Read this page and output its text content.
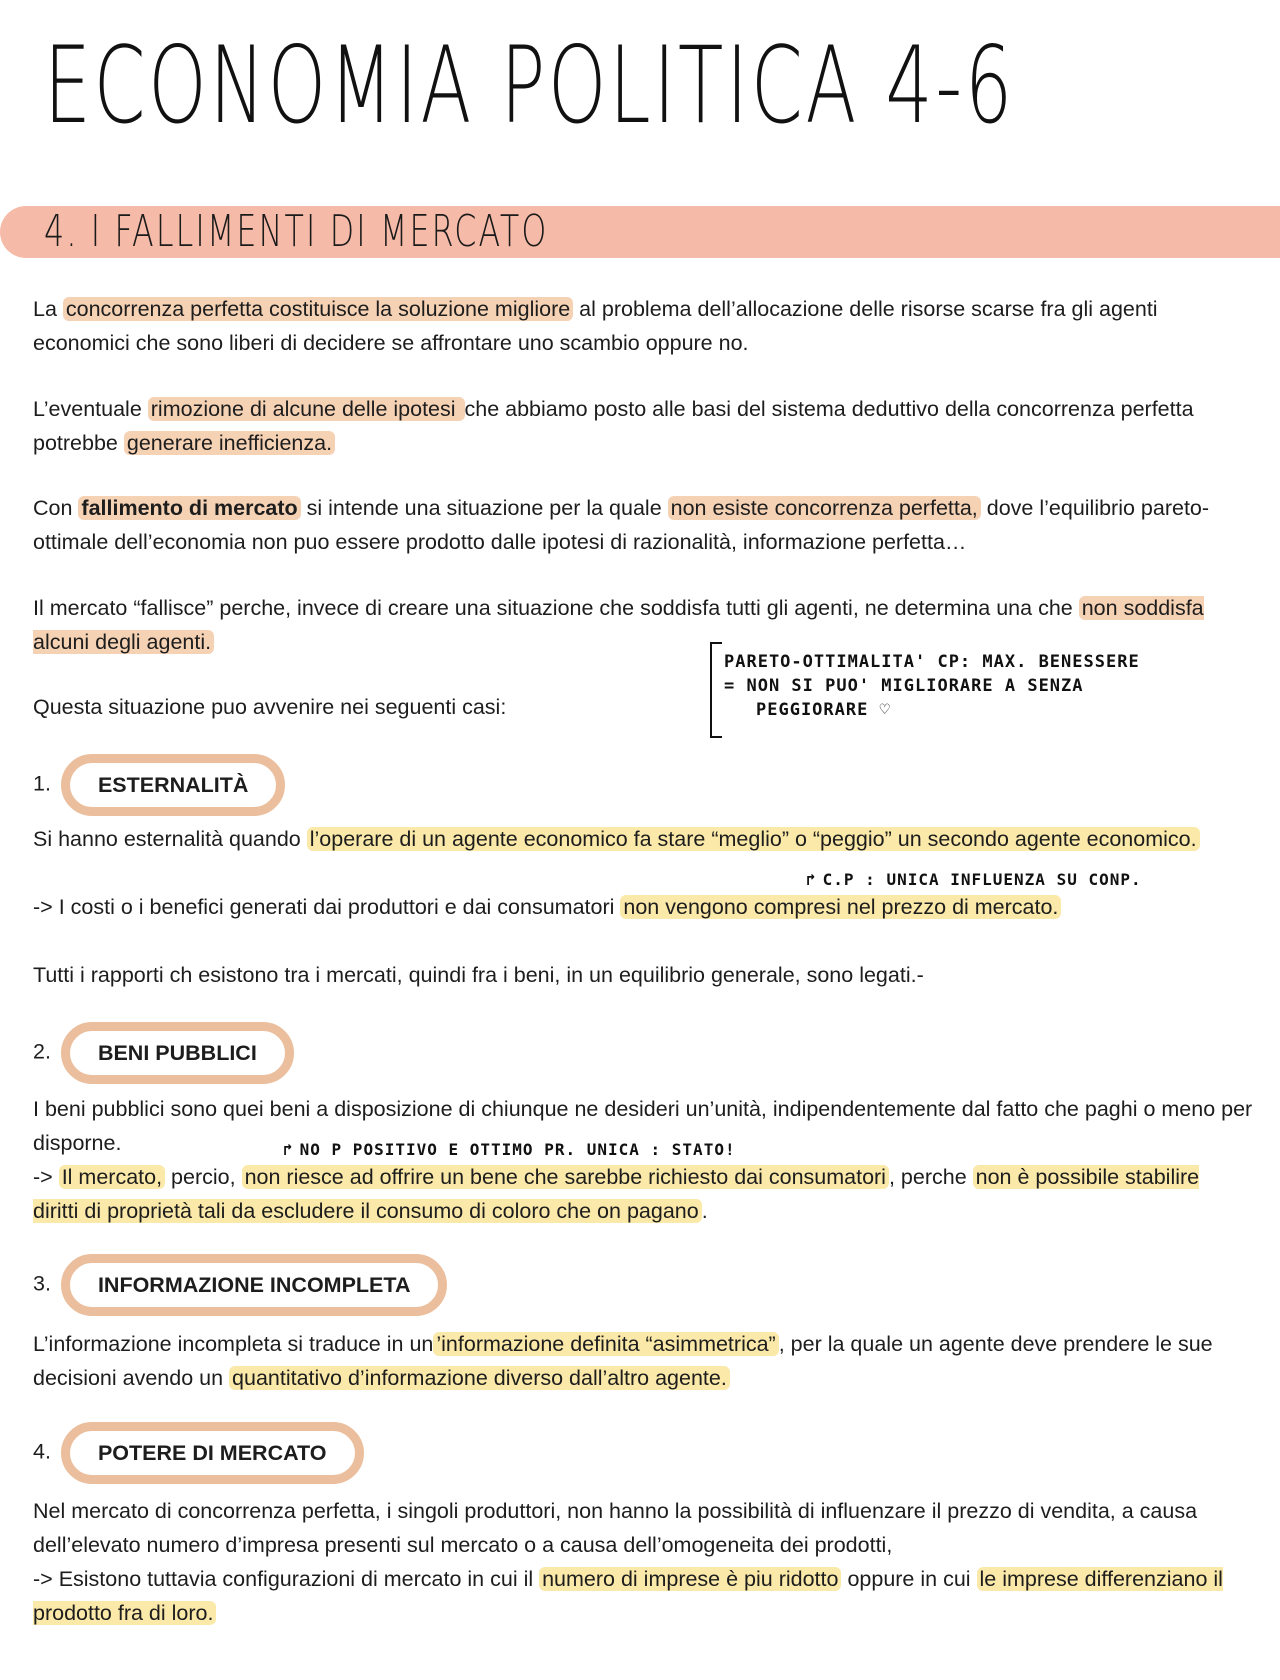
ECONOMIA POLITICA 4-6
4. I FALLIMENTI DI MERCATO

La concorrenza perfetta costituisce la soluzione migliore al problema dell’allocazione delle risorse scarse fra gli agenti economici che sono liberi di decidere se affrontare uno scambio oppure no.

L’eventuale rimozione di alcune delle ipotesi che abbiamo posto alle basi del sistema deduttivo della concorrenza perfetta potrebbe generare inefficienza.

Con fallimento di mercato si intende una situazione per la quale non esiste concorrenza perfetta, dove l’equilibrio pareto-ottimale dell’economia non puo essere prodotto dalle ipotesi di razionalità, informazione perfetta…

Il mercato “fallisce” perche, invece di creare una situazione che soddisfa tutti gli agenti, ne determina una che non soddisfa alcuni degli agenti.

Questa situazione puo avvenire nei seguenti casi:

PARETO-OTTIMALITA' CP: MAX. BENESSERE
= NON SI PUO' MIGLIORARE A SENZA
PEGGIORARE ♡
1. ESTERNALITÀ

Si hanno esternalità quando l’operare di un agente economico fa stare “meglio” o “peggio” un secondo agente economico.

↱ C.P : UNICA INFLUENZA SU CONP.

-> I costi o i benefici generati dai produttori e dai consumatori non vengono compresi nel prezzo di mercato.

Tutti i rapporti ch esistono tra i mercati, quindi fra i beni, in un equilibrio generale, sono legati.-

2. BENI PUBBLICI

I beni pubblici sono quei beni a disposizione di chiunque ne desideri un’unità, indipendentemente dal fatto che paghi o meno per disporne.	↱ NO P POSITIVO E OTTIMO PR. UNICA : STATO!

-> Il mercato, percio, non riesce ad offrire un bene che sarebbe richiesto dai consumatori , perche non è possibile stabilire diritti di proprietà tali da escludere il consumo di coloro che on pagano .

3. INFORMAZIONE INCOMPLETA

L’informazione incompleta si traduce in un ’informazione definita “asimmetrica” , per la quale un agente deve prendere le sue decisioni avendo un quantitativo d’informazione diverso dall’altro agente.

4. POTERE DI MERCATO

Nel mercato di concorrenza perfetta, i singoli produttori, non hanno la possibilità di influenzare il prezzo di vendita, a causa dell’elevato numero d’impresa presenti sul mercato o a causa dell’omogeneita dei prodotti,

-> Esistono tuttavia configurazioni di mercato in cui il numero di imprese è piu ridotto oppure in cui le imprese differenziano il prodotto fra di loro.
